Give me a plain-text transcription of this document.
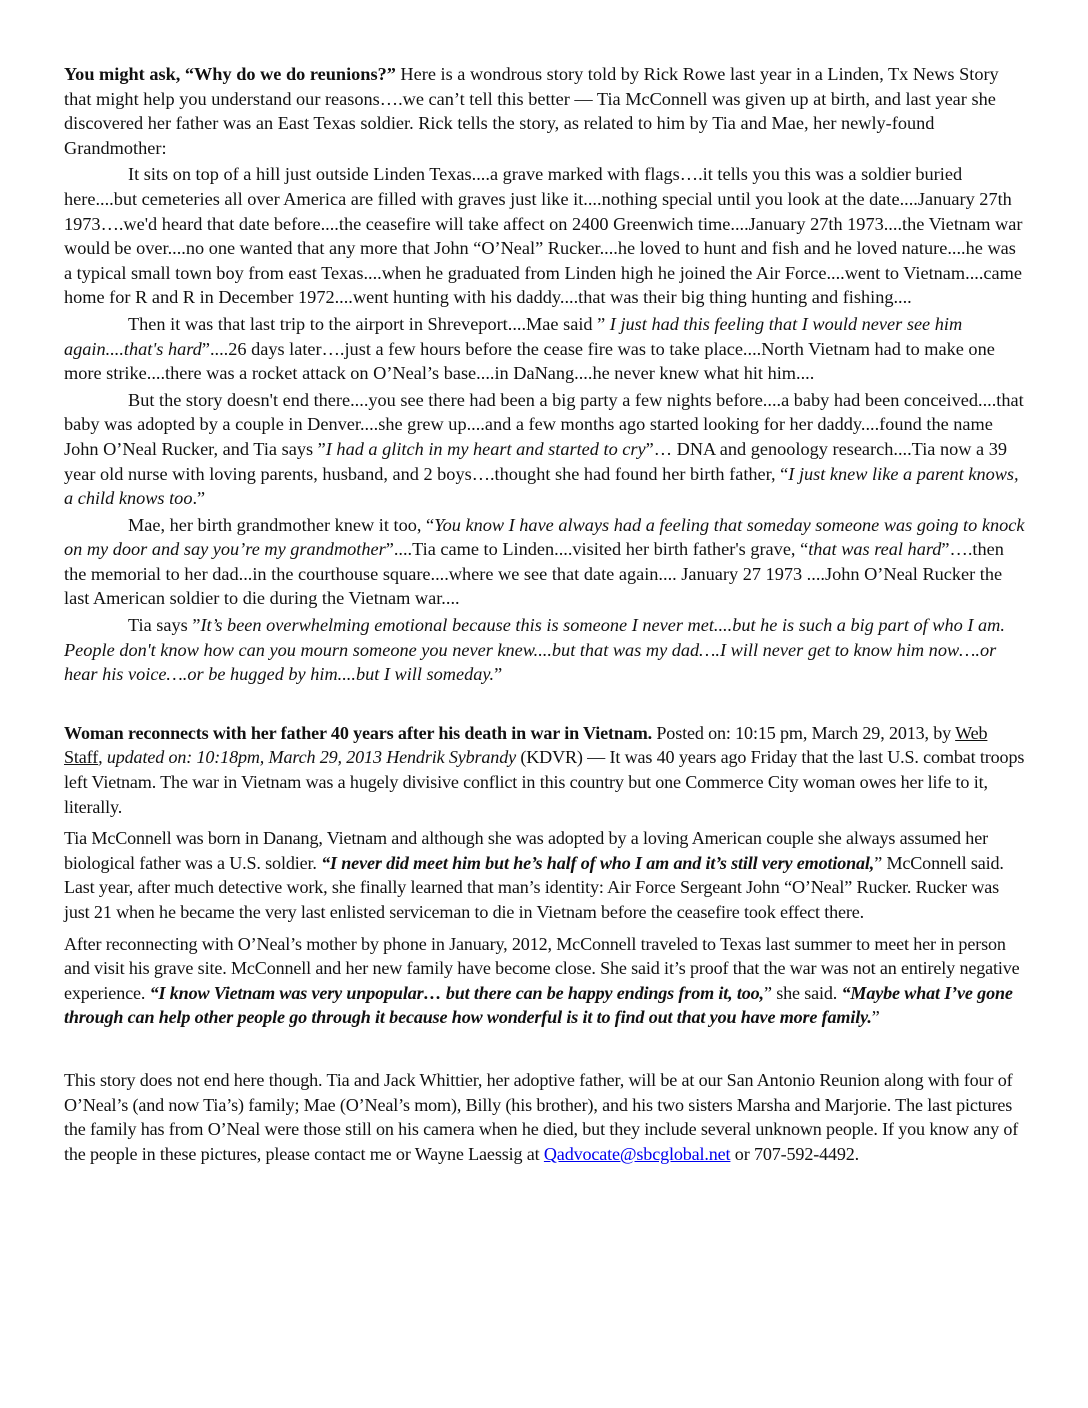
You might ask, “Why do we do reunions?” Here is a wondrous story told by Rick Rowe last year in a Linden, Tx News Story that might help you understand our reasons….we can’t tell this better — Tia McConnell was given up at birth, and last year she discovered her father was an East Texas soldier. Rick tells the story, as related to him by Tia and Mae, her newly-found Grandmother:

It sits on top of a hill just outside Linden Texas....a grave marked with flags….it tells you this was a soldier buried here....but cemeteries all over America are filled with graves just like it....nothing special until you look at the date....January 27th 1973….we'd heard that date before....the ceasefire will take affect on 2400 Greenwich time....January 27th 1973....the Vietnam war would be over....no one wanted that any more that John “O’Neal” Rucker....he loved to hunt and fish and he loved nature....he was a typical small town boy from east Texas....when he graduated from Linden high he joined the Air Force....went to Vietnam....came home for R and R in December 1972....went hunting with his daddy....that was their big thing hunting and fishing....

Then it was that last trip to the airport in Shreveport....Mae said ” I just had this feeling that I would never see him again....that's hard”....26 days later….just a few hours before the cease fire was to take place....North Vietnam had to make one more strike....there was a rocket attack on O’Neal’s base....in DaNang....he never knew what hit him....

But the story doesn't end there....you see there had been a big party a few nights before....a baby had been conceived....that baby was adopted by a couple in Denver....she grew up....and a few months ago started looking for her daddy....found the name John O’Neal Rucker, and Tia says ”I had a glitch in my heart and started to cry”… DNA and genoology research....Tia now a 39 year old nurse with loving parents, husband, and 2 boys….thought she had found her birth father, “I just knew like a parent knows, a child knows too.”

Mae, her birth grandmother knew it too, “You know I have always had a feeling that someday someone was going to knock on my door and say you’re my grandmother”....Tia came to Linden....visited her birth father's grave, “that was real hard”….then the memorial to her dad...in the courthouse square....where we see that date again.... January 27 1973 ....John O’Neal Rucker the last American soldier to die during the Vietnam war....

Tia says ”It’s been overwhelming emotional because this is someone I never met....but he is such a big part of who I am. People don't know how can you mourn someone you never knew....but that was my dad….I will never get to know him now….or hear his voice….or be hugged by him....but I will someday.”

Woman reconnects with her father 40 years after his death in war in Vietnam. Posted on: 10:15 pm, March 29, 2013, by Web Staff, updated on: 10:18pm, March 29, 2013 Hendrik Sybrandy (KDVR) — It was 40 years ago Friday that the last U.S. combat troops left Vietnam. The war in Vietnam was a hugely divisive conflict in this country but one Commerce City woman owes her life to it, literally.

Tia McConnell was born in Danang, Vietnam and although she was adopted by a loving American couple she always assumed her biological father was a U.S. soldier. “I never did meet him but he’s half of who I am and it’s still very emotional,” McConnell said. Last year, after much detective work, she finally learned that man’s identity: Air Force Sergeant John “O’Neal” Rucker. Rucker was just 21 when he became the very last enlisted serviceman to die in Vietnam before the ceasefire took effect there.

After reconnecting with O’Neal’s mother by phone in January, 2012, McConnell traveled to Texas last summer to meet her in person and visit his grave site. McConnell and her new family have become close. She said it’s proof that the war was not an entirely negative experience. “I know Vietnam was very unpopular… but there can be happy endings from it, too,” she said. “Maybe what I’ve gone through can help other people go through it because how wonderful is it to find out that you have more family.”

This story does not end here though. Tia and Jack Whittier, her adoptive father, will be at our San Antonio Reunion along with four of O’Neal’s (and now Tia’s) family; Mae (O’Neal’s mom), Billy (his brother), and his two sisters Marsha and Marjorie. The last pictures the family has from O’Neal were those still on his camera when he died, but they include several unknown people. If you know any of the people in these pictures, please contact me or Wayne Laessig at Qadvocate@sbcglobal.net or 707-592-4492.
